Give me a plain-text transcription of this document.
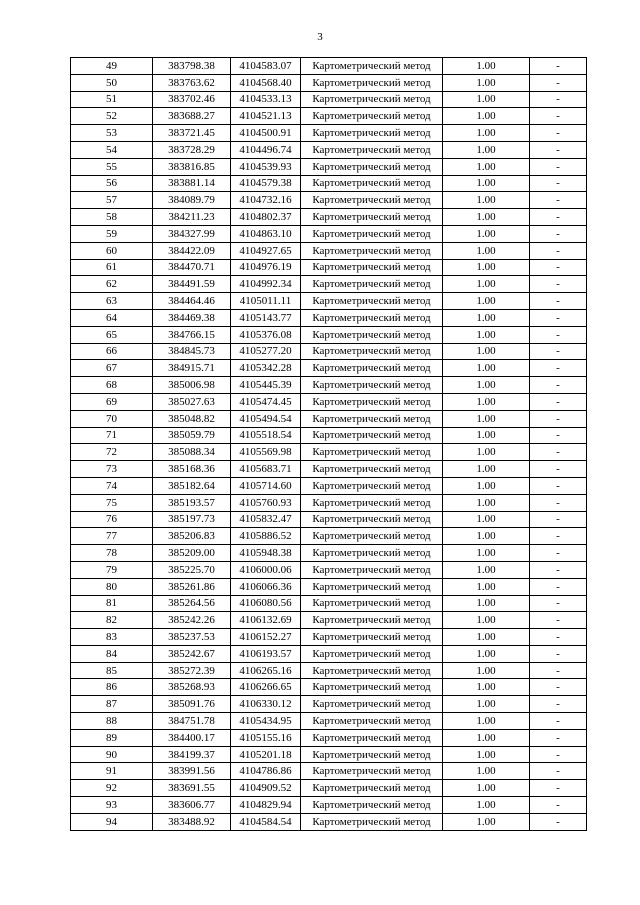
3
49	383798.38	4104583.07	Картометрический метод	1.00	-
50	383763.62	4104568.40	Картометрический метод	1.00	-
51	383702.46	4104533.13	Картометрический метод	1.00	-
52	383688.27	4104521.13	Картометрический метод	1.00	-
53	383721.45	4104500.91	Картометрический метод	1.00	-
54	383728.29	4104496.74	Картометрический метод	1.00	-
55	383816.85	4104539.93	Картометрический метод	1.00	-
56	383881.14	4104579.38	Картометрический метод	1.00	-
57	384089.79	4104732.16	Картометрический метод	1.00	-
58	384211.23	4104802.37	Картометрический метод	1.00	-
59	384327.99	4104863.10	Картометрический метод	1.00	-
60	384422.09	4104927.65	Картометрический метод	1.00	-
61	384470.71	4104976.19	Картометрический метод	1.00	-
62	384491.59	4104992.34	Картометрический метод	1.00	-
63	384464.46	4105011.11	Картометрический метод	1.00	-
64	384469.38	4105143.77	Картометрический метод	1.00	-
65	384766.15	4105376.08	Картометрический метод	1.00	-
66	384845.73	4105277.20	Картометрический метод	1.00	-
67	384915.71	4105342.28	Картометрический метод	1.00	-
68	385006.98	4105445.39	Картометрический метод	1.00	-
69	385027.63	4105474.45	Картометрический метод	1.00	-
70	385048.82	4105494.54	Картометрический метод	1.00	-
71	385059.79	4105518.54	Картометрический метод	1.00	-
72	385088.34	4105569.98	Картометрический метод	1.00	-
73	385168.36	4105683.71	Картометрический метод	1.00	-
74	385182.64	4105714.60	Картометрический метод	1.00	-
75	385193.57	4105760.93	Картометрический метод	1.00	-
76	385197.73	4105832.47	Картометрический метод	1.00	-
77	385206.83	4105886.52	Картометрический метод	1.00	-
78	385209.00	4105948.38	Картометрический метод	1.00	-
79	385225.70	4106000.06	Картометрический метод	1.00	-
80	385261.86	4106066.36	Картометрический метод	1.00	-
81	385264.56	4106080.56	Картометрический метод	1.00	-
82	385242.26	4106132.69	Картометрический метод	1.00	-
83	385237.53	4106152.27	Картометрический метод	1.00	-
84	385242.67	4106193.57	Картометрический метод	1.00	-
85	385272.39	4106265.16	Картометрический метод	1.00	-
86	385268.93	4106266.65	Картометрический метод	1.00	-
87	385091.76	4106330.12	Картометрический метод	1.00	-
88	384751.78	4105434.95	Картометрический метод	1.00	-
89	384400.17	4105155.16	Картометрический метод	1.00	-
90	384199.37	4105201.18	Картометрический метод	1.00	-
91	383991.56	4104786.86	Картометрический метод	1.00	-
92	383691.55	4104909.52	Картометрический метод	1.00	-
93	383606.77	4104829.94	Картометрический метод	1.00	-
94	383488.92	4104584.54	Картометрический метод	1.00	-
